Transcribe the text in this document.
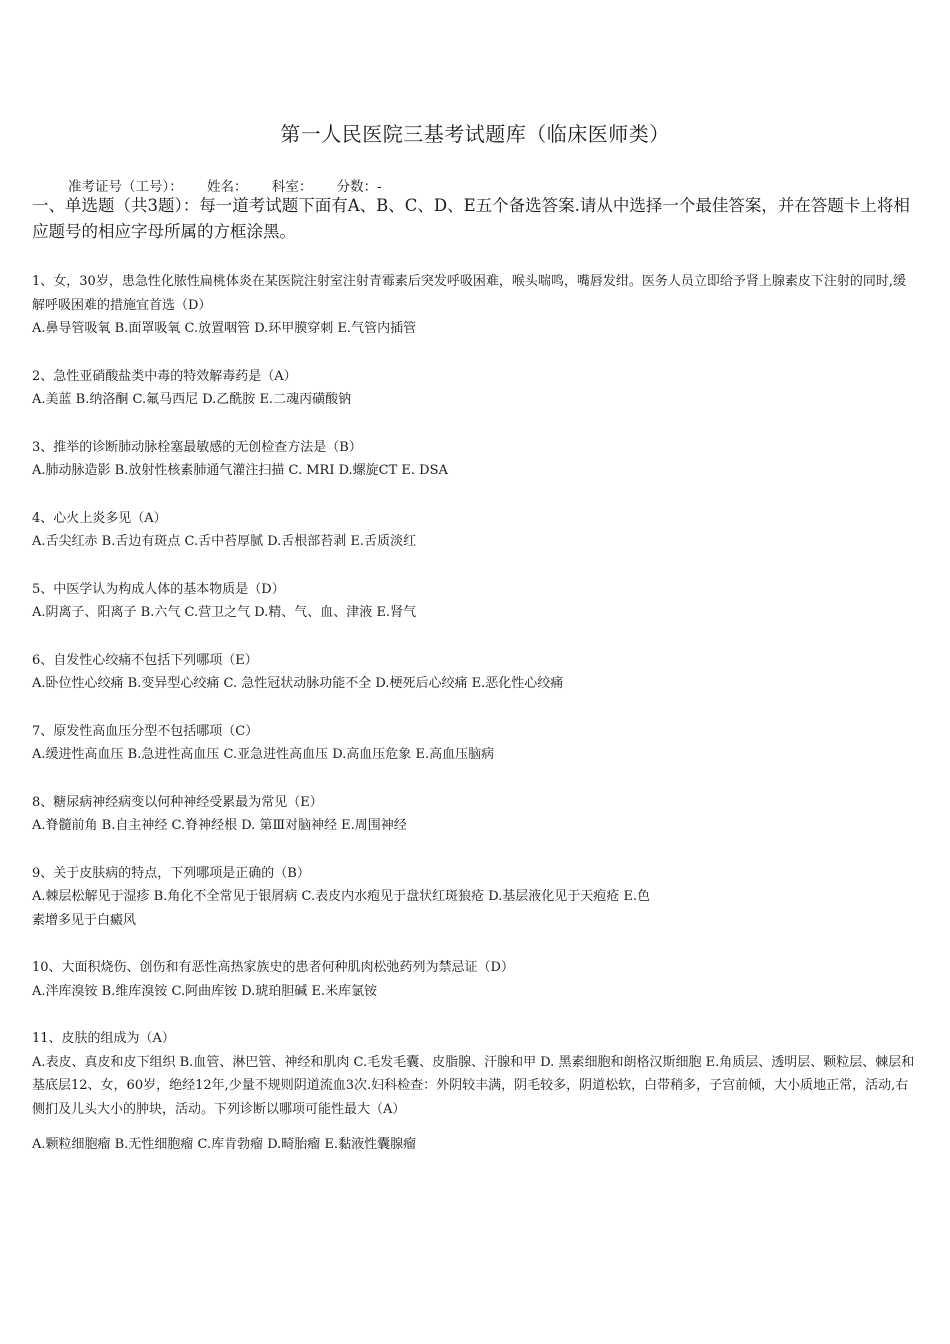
第一人民医院三基考试题库（临床医师类）
准考证号（工号）： 姓名： 科室： 分数：-
一、单选题（共3题）：每一道考试题下面有A、B、C、D、E五个备选答案.请从中选择一个最佳答案，并在答题卡上将相应题号的相应字母所属的方框涂黑。

1、女，30岁，患急性化脓性扁桃体炎在某医院注射室注射青霉素后突发呼吸困难，喉头喘鸣，嘴唇发绀。医务人员立即给予肾上腺素皮下注射的同时,缓解呼吸困难的措施宜首选（D）

A.鼻导管吸氧 B.面罩吸氧 C.放置咽管 D.环甲膜穿刺 E.气管内插管

2、急性亚硝酸盐类中毒的特效解毒药是（A）

A.美蓝 B.纳洛酮 C.氟马西尼 D.乙酰胺 E.二魂丙磺酸钠

3、推举的诊断肺动脉栓塞最敏感的无创检查方法是（B）

A.肺动脉造影 B.放射性核素肺通气灌注扫描 C. MRI D.螺旋CT E. DSA

4、心火上炎多见（A）

A.舌尖红赤 B.舌边有斑点 C.舌中苔厚腻 D.舌根部苔剥 E.舌质淡红

5、中医学认为构成人体的基本物质是（D）

A.阴离子、阳离子 B.六气 C.营卫之气 D.精、气、血、津液 E.肾气

6、自发性心绞痛不包括下列哪项（E）

A.卧位性心绞痛 B.变异型心绞痛 C. 急性冠状动脉功能不全 D.梗死后心绞痛 E.恶化性心绞痛

7、原发性高血压分型不包括哪项（C）

A.缓进性高血压 B.急进性高血压 C.亚急进性高血压 D.高血压危象 E.高血压脑病

8、糖尿病神经病变以何种神经受累最为常见（E）

A.脊髓前角 B.自主神经 C.脊神经根 D. 第Ⅲ对脑神经 E.周围神经

9、关于皮肤病的特点，下列哪项是正确的（B）

A.棘层松解见于湿疹 B.角化不全常见于银屑病 C.表皮内水疱见于盘状红斑狼疮 D.基层液化见于天疱疮 E.色素增多见于白癜风

10、大面积烧伤、创伤和有恶性高热家族史的患者何种肌肉松弛药列为禁忌证（D）

A.泮库溴铵 B.维库溴铵 C.阿曲库铵 D.琥珀胆碱 E.米库氯铵

11、皮肤的组成为（A）

A.表皮、真皮和皮下组织 B.血管、淋巴管、神经和肌肉 C.毛发毛囊、皮脂腺、汗腺和甲 D. 黑素细胞和朗格汉斯细胞 E.角质层、透明层、颗粒层、棘层和基底层12、女，60岁，绝经12年,少量不规则阴道流血3次.妇科检查：外阴较丰满，阴毛较多，阴道松软，白带稍多，子宫前倾，大小质地正常，活动,右侧扪及儿头大小的肿块，活动。下列诊断以哪项可能性最大（A）

A.颗粒细胞瘤 B.无性细胞瘤 C.库肯勃瘤 D.畸胎瘤 E.黏液性囊腺瘤
